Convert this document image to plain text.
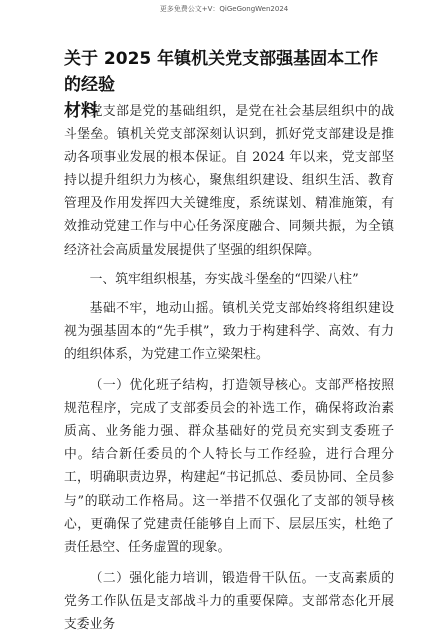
更多免费公文+V：QiGeGongWen2024
关于 2025 年镇机关党支部强基固本工作的经验

材料

党支部是党的基础组织，是党在社会基层组织中的战斗堡垒。镇机关党支部深刻认识到，抓好党支部建设是推动各项事业发展的根本保证。自 2024 年以来，党支部坚持以提升组织力为核心，聚焦组织建设、组织生活、教育管理及作用发挥四大关键维度，系统谋划、精准施策，有效推动党建工作与中心任务深度融合、同频共振，为全镇经济社会高质量发展提供了坚强的组织保障。

一、筑牢组织根基，夯实战斗堡垒的“四梁八柱”

基础不牢，地动山摇。镇机关党支部始终将组织建设视为强基固本的“先手棋”，致力于构建科学、高效、有力的组织体系，为党建工作立梁架柱。

（一）优化班子结构，打造领导核心。支部严格按照规范程序，完成了支部委员会的补选工作，确保将政治素质高、业务能力强、群众基础好的党员充实到支委班子中。结合新任委员的个人特长与工作经验，进行合理分工，明确职责边界，构建起“书记抓总、委员协同、全员参与”的联动工作格局。这一举措不仅强化了支部的领导核心，更确保了党建责任能够自上而下、层层压实，杜绝了责任悬空、任务虚置的现象。

（二）强化能力培训，锻造骨干队伍。一支高素质的党务工作队伍是支部战斗力的重要保障。支部常态化开展支委业务
